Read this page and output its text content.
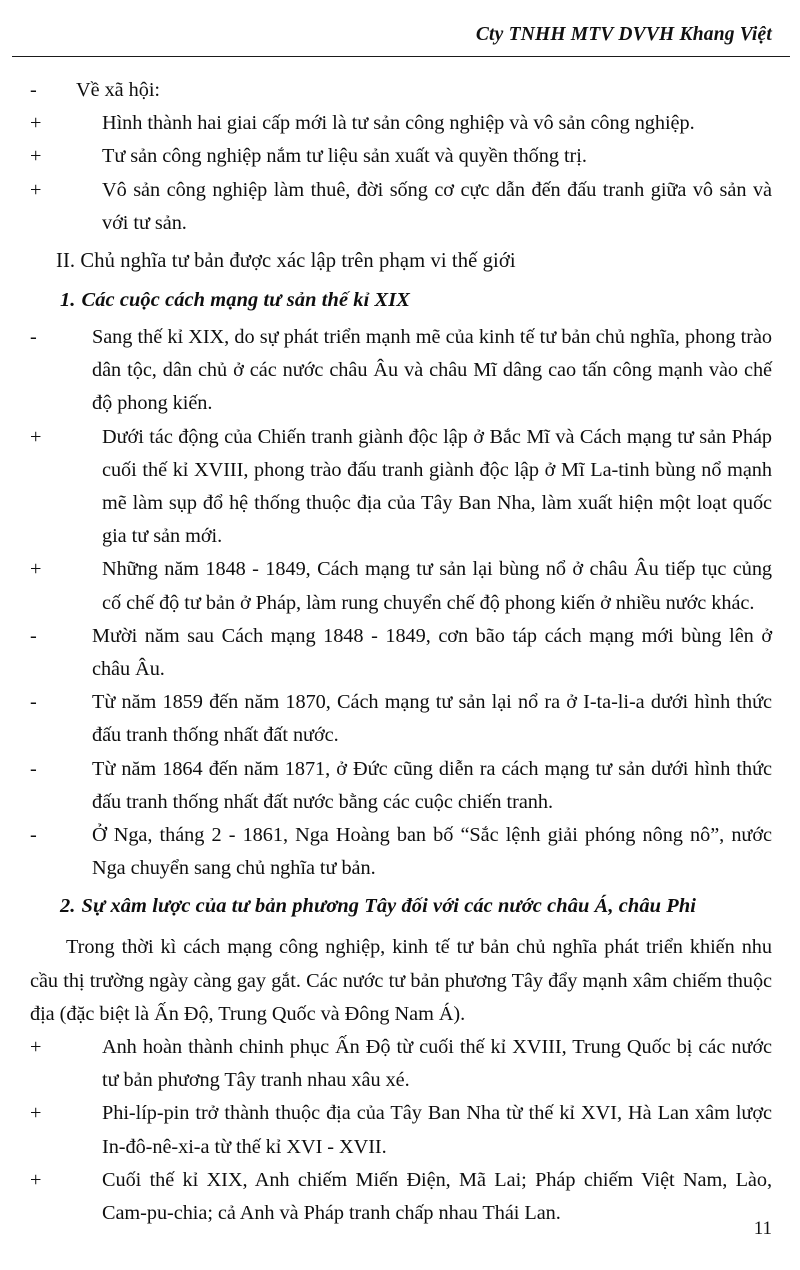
Cty TNHH MTV DVVH Khang Việt

- Về xã hội:

+	Hình thành hai giai cấp mới là tư sản công nghiệp và vô sản công nghiệp.

+	Tư sản công nghiệp nắm tư liệu sản xuất và quyền thống trị.

+	Vô sản công nghiệp làm thuê, đời sống cơ cực dẫn đến đấu tranh giữa vô sản và với tư sản.

II. Chủ nghĩa tư bản được xác lập trên phạm vi thế giới

1. Các cuộc cách mạng tư sản thế kỉ XIX

-	Sang thế kỉ XIX, do sự phát triển mạnh mẽ của kinh tế tư bản chủ nghĩa, phong trào dân tộc, dân chủ ở các nước châu Âu và châu Mĩ dâng cao tấn công mạnh vào chế độ phong kiến.

+	Dưới tác động của Chiến tranh giành độc lập ở Bắc Mĩ và Cách mạng tư sản Pháp cuối thế kỉ XVIII, phong trào đấu tranh giành độc lập ở Mĩ La-tinh bùng nổ mạnh mẽ làm sụp đổ hệ thống thuộc địa của Tây Ban Nha, làm xuất hiện một loạt quốc gia tư sản mới.

+	Những năm 1848 - 1849, Cách mạng tư sản lại bùng nổ ở châu Âu tiếp tục củng cố chế độ tư bản ở Pháp, làm rung chuyển chế độ phong kiến ở nhiều nước khác.

-	Mười năm sau Cách mạng 1848 - 1849, cơn bão táp cách mạng mới bùng lên ở châu Âu.

-	Từ năm 1859 đến năm 1870, Cách mạng tư sản lại nổ ra ở I-ta-li-a dưới hình thức đấu tranh thống nhất đất nước.

-	Từ năm 1864 đến năm 1871, ở Đức cũng diễn ra cách mạng tư sản dưới hình thức đấu tranh thống nhất đất nước bằng các cuộc chiến tranh.

-	Ở Nga, tháng 2 - 1861, Nga Hoàng ban bố “Sắc lệnh giải phóng nông nô”, nước Nga chuyển sang chủ nghĩa tư bản.

2. Sự xâm lược của tư bản phương Tây đối với các nước châu Á, châu Phi

Trong thời kì cách mạng công nghiệp, kinh tế tư bản chủ nghĩa phát triển khiến nhu cầu thị trường ngày càng gay gắt. Các nước tư bản phương Tây đẩy mạnh xâm chiếm thuộc địa (đặc biệt là Ấn Độ, Trung Quốc và Đông Nam Á).

+	Anh hoàn thành chinh phục Ấn Độ từ cuối thế kỉ XVIII, Trung Quốc bị các nước tư bản phương Tây tranh nhau xâu xé.

+	Phi-líp-pin trở thành thuộc địa của Tây Ban Nha từ thế kỉ XVI, Hà Lan xâm lược In-đô-nê-xi-a từ thế kỉ XVI - XVII.

+	Cuối thế kỉ XIX, Anh chiếm Miến Điện, Mã Lai; Pháp chiếm Việt Nam, Lào, Cam-pu-chia; cả Anh và Pháp tranh chấp nhau Thái Lan.

11
